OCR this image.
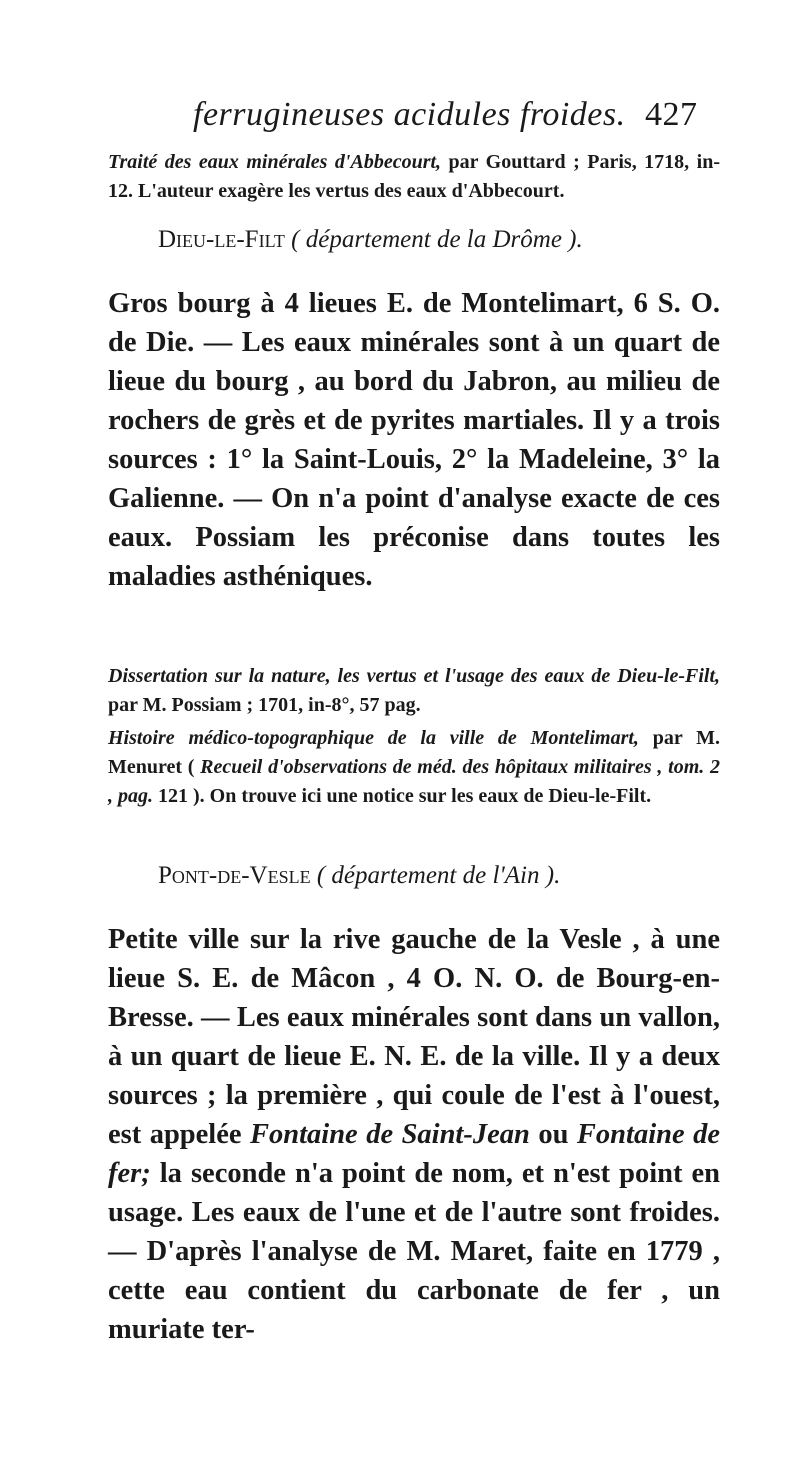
ferrugineuses acidules froides. 427
Traité des eaux minérales d'Abbecourt, par Gouttard ; Paris, 1718, in-12. L'auteur exagère les vertus des eaux d'Abbecourt.
Dieu-le-Filt ( département de la Drôme ).
Gros bourg à 4 lieues E. de Montelimart, 6 S. O. de Die. — Les eaux minérales sont à un quart de lieue du bourg , au bord du Jabron, au milieu de rochers de grès et de pyrites martiales. Il y a trois sources : 1° la Saint-Louis, 2° la Madeleine, 3° la Galienne. — On n'a point d'analyse exacte de ces eaux. Possiam les préconise dans toutes les maladies asthéniques.
Dissertation sur la nature, les vertus et l'usage des eaux de Dieu-le-Filt, par M. Possiam ; 1701, in-8°, 57 pag.
Histoire médico-topographique de la ville de Montelimart, par M. Menuret ( Recueil d'observations de méd. des hôpitaux militaires , tom. 2 , pag. 121 ). On trouve ici une notice sur les eaux de Dieu-le-Filt.
Pont-de-Vesle ( département de l'Ain ).
Petite ville sur la rive gauche de la Vesle , à une lieue S. E. de Mâcon , 4 O. N. O. de Bourg-en-Bresse. — Les eaux minérales sont dans un vallon, à un quart de lieue E. N. E. de la ville. Il y a deux sources ; la première , qui coule de l'est à l'ouest, est appelée Fontaine de Saint-Jean ou Fontaine de fer; la seconde n'a point de nom, et n'est point en usage. Les eaux de l'une et de l'autre sont froides.— D'après l'analyse de M. Maret, faite en 1779 , cette eau contient du carbonate de fer , un muriate ter-
